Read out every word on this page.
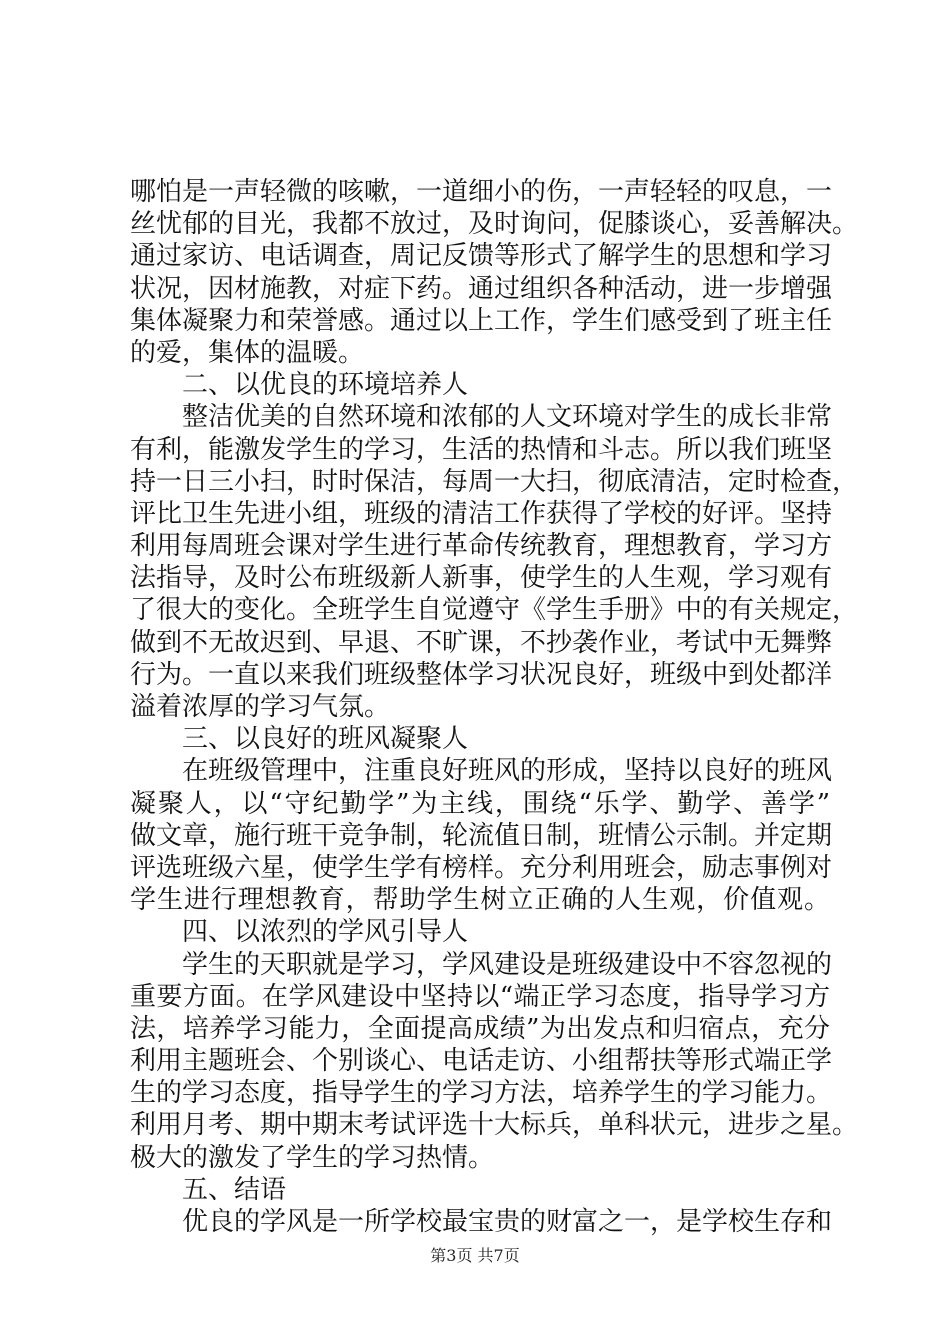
哪怕是一声轻微的咳嗽，一道细小的伤，一声轻轻的叹息，一
丝忧郁的目光，我都不放过，及时询问，促膝谈心，妥善解决。
通过家访、电话调查，周记反馈等形式了解学生的思想和学习
状况，因材施教，对症下药。通过组织各种活动，进一步增强
集体凝聚力和荣誉感。通过以上工作，学生们感受到了班主任
的爱，集体的温暖。
二、以优良的环境培养人
整洁优美的自然环境和浓郁的人文环境对学生的成长非常
有利，能激发学生的学习，生活的热情和斗志。所以我们班坚
持一日三小扫，时时保洁，每周一大扫，彻底清洁，定时检查，
评比卫生先进小组，班级的清洁工作获得了学校的好评。坚持
利用每周班会课对学生进行革命传统教育，理想教育，学习方
法指导，及时公布班级新人新事，使学生的人生观，学习观有
了很大的变化。全班学生自觉遵守《学生手册》中的有关规定，
做到不无故迟到、早退、不旷课，不抄袭作业，考试中无舞弊
行为。一直以来我们班级整体学习状况良好，班级中到处都洋
溢着浓厚的学习气氛。
三、以良好的班风凝聚人
在班级管理中，注重良好班风的形成，坚持以良好的班风
凝聚人，以“守纪勤学”为主线，围绕“乐学、勤学、善学”
做文章，施行班干竞争制，轮流值日制，班情公示制。并定期
评选班级六星，使学生学有榜样。充分利用班会，励志事例对
学生进行理想教育，帮助学生树立正确的人生观，价值观。
四、以浓烈的学风引导人
学生的天职就是学习，学风建设是班级建设中不容忽视的
重要方面。在学风建设中坚持以“端正学习态度，指导学习方
法，培养学习能力，全面提高成绩”为出发点和归宿点，充分
利用主题班会、个别谈心、电话走访、小组帮扶等形式端正学
生的学习态度，指导学生的学习方法，培养学生的学习能力。
利用月考、期中期末考试评选十大标兵，单科状元，进步之星。
极大的激发了学生的学习热情。
五、结语
优良的学风是一所学校最宝贵的财富之一，是学校生存和
第3页 共7页
